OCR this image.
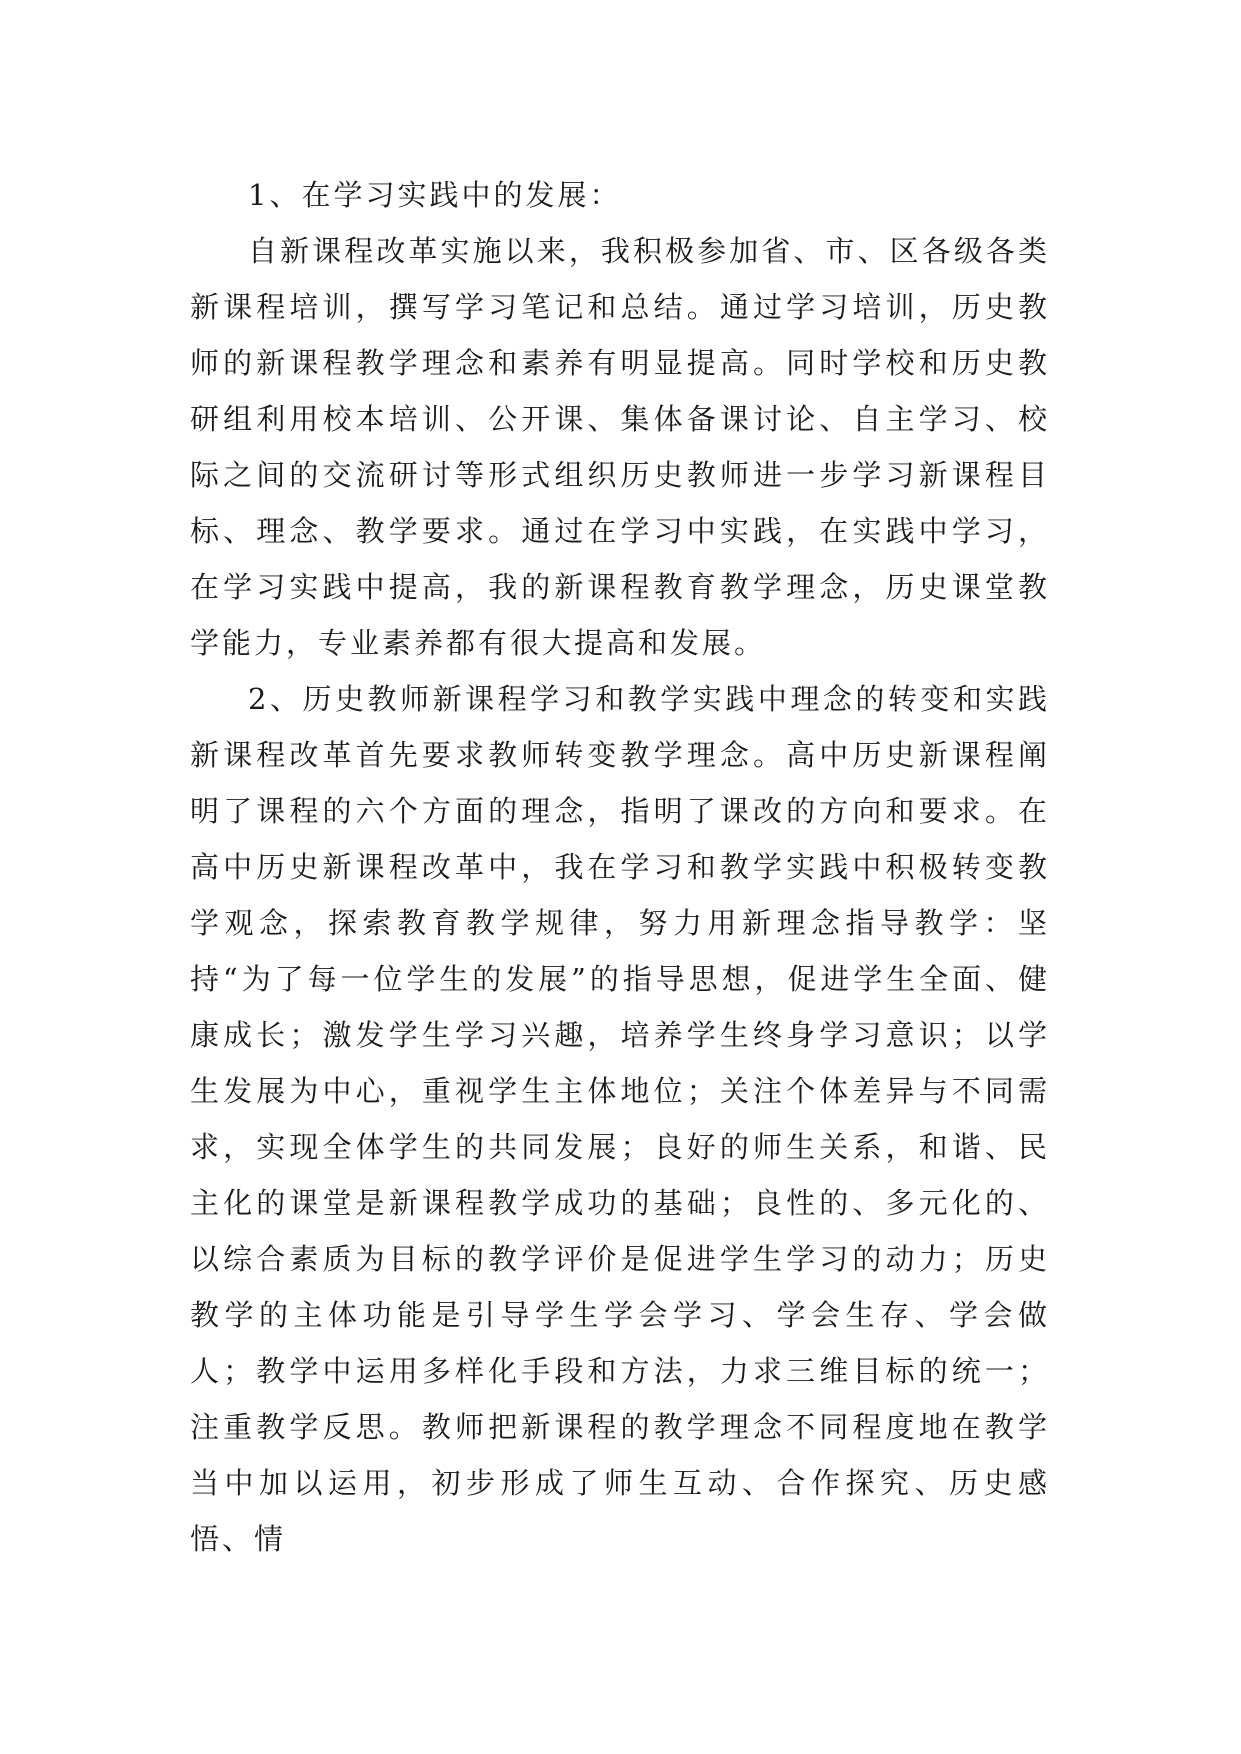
1、在学习实践中的发展：

自新课程改革实施以来，我积极参加省、市、区各级各类新课程培训，撰写学习笔记和总结。通过学习培训，历史教师的新课程教学理念和素养有明显提高。同时学校和历史教研组利用校本培训、公开课、集体备课讨论、自主学习、校际之间的交流研讨等形式组织历史教师进一步学习新课程目标、理念、教学要求。通过在学习中实践，在实践中学习，在学习实践中提高，我的新课程教育教学理念，历史课堂教学能力，专业素养都有很大提高和发展。

2、历史教师新课程学习和教学实践中理念的转变和实践新课程改革首先要求教师转变教学理念。高中历史新课程阐明了课程的六个方面的理念，指明了课改的方向和要求。在高中历史新课程改革中，我在学习和教学实践中积极转变教学观念，探索教育教学规律，努力用新理念指导教学：坚持“为了每一位学生的发展”的指导思想，促进学生全面、健康成长；激发学生学习兴趣，培养学生终身学习意识；以学生发展为中心，重视学生主体地位；关注个体差异与不同需求，实现全体学生的共同发展；良好的师生关系，和谐、民主化的课堂是新课程教学成功的基础；良性的、多元化的、以综合素质为目标的教学评价是促进学生学习的动力；历史教学的主体功能是引导学生学会学习、学会生存、学会做人；教学中运用多样化手段和方法，力求三维目标的统一；注重教学反思。教师把新课程的教学理念不同程度地在教学当中加以运用，初步形成了师生互动、合作探究、历史感悟、情
